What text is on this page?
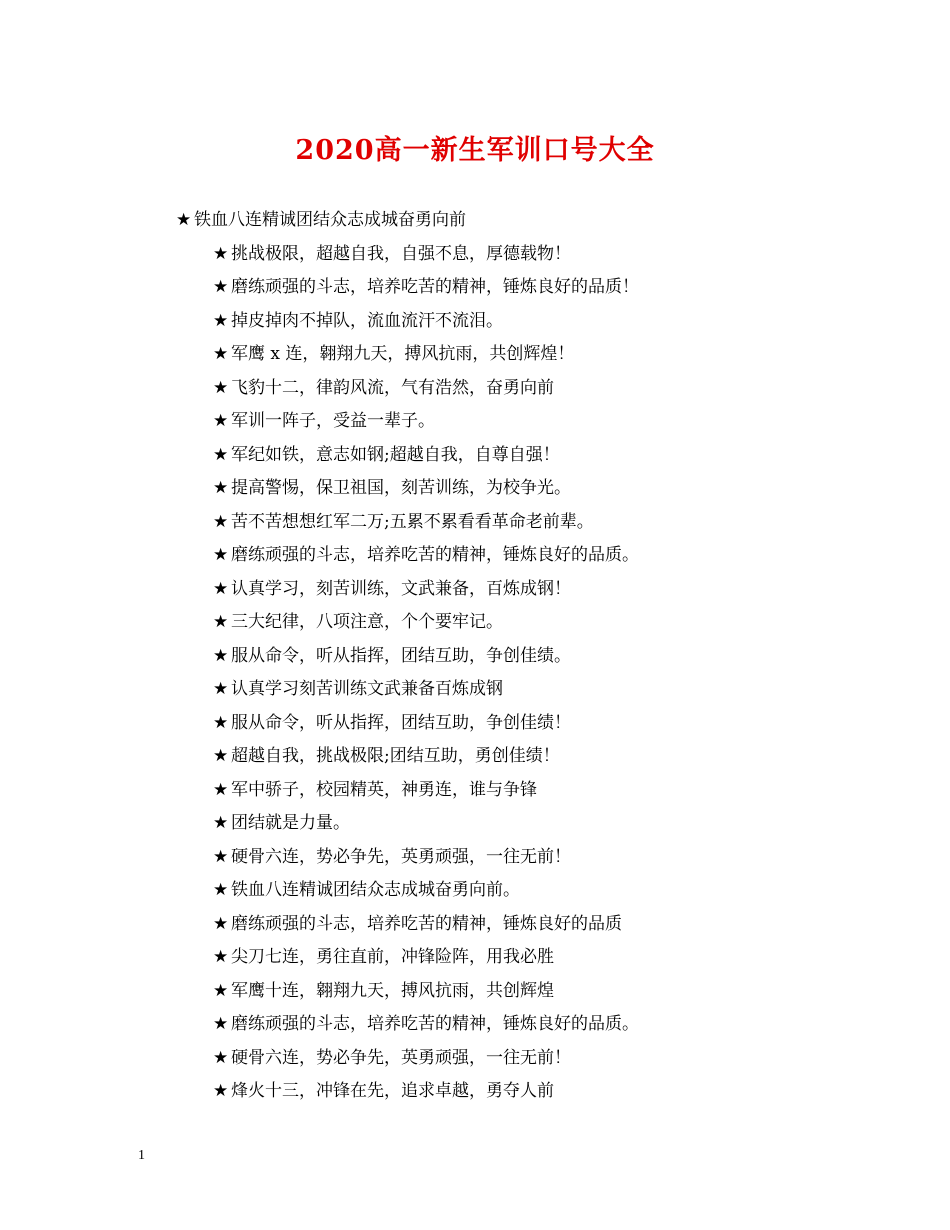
2020高一新生军训口号大全
★ 铁血八连精诚团结众志成城奋勇向前
★ 挑战极限，超越自我，自强不息，厚德载物！
★ 磨练顽强的斗志，培养吃苦的精神，锤炼良好的品质！
★ 掉皮掉肉不掉队，流血流汗不流泪。
★ 军鹰 x 连，翱翔九天，搏风抗雨，共创辉煌！
★ 飞豹十二，律韵风流，气有浩然，奋勇向前
★ 军训一阵子，受益一辈子。
★ 军纪如铁，意志如钢;超越自我，自尊自强！
★ 提高警惕，保卫祖国，刻苦训练，为校争光。
★ 苦不苦想想红军二万;五累不累看看革命老前辈。
★ 磨练顽强的斗志，培养吃苦的精神，锤炼良好的品质。
★ 认真学习，刻苦训练，文武兼备，百炼成钢！
★ 三大纪律，八项注意，个个要牢记。
★ 服从命令，听从指挥，团结互助，争创佳绩。
★ 认真学习刻苦训练文武兼备百炼成钢
★ 服从命令，听从指挥，团结互助，争创佳绩！
★ 超越自我，挑战极限;团结互助，勇创佳绩！
★ 军中骄子，校园精英，神勇连，谁与争锋
★ 团结就是力量。
★ 硬骨六连，势必争先，英勇顽强，一往无前！
★ 铁血八连精诚团结众志成城奋勇向前。
★ 磨练顽强的斗志，培养吃苦的精神，锤炼良好的品质
★ 尖刀七连，勇往直前，冲锋险阵，用我必胜
★ 军鹰十连，翱翔九天，搏风抗雨，共创辉煌
★ 磨练顽强的斗志，培养吃苦的精神，锤炼良好的品质。
★ 硬骨六连，势必争先，英勇顽强，一往无前！
★ 烽火十三，冲锋在先，追求卓越，勇夺人前
1
